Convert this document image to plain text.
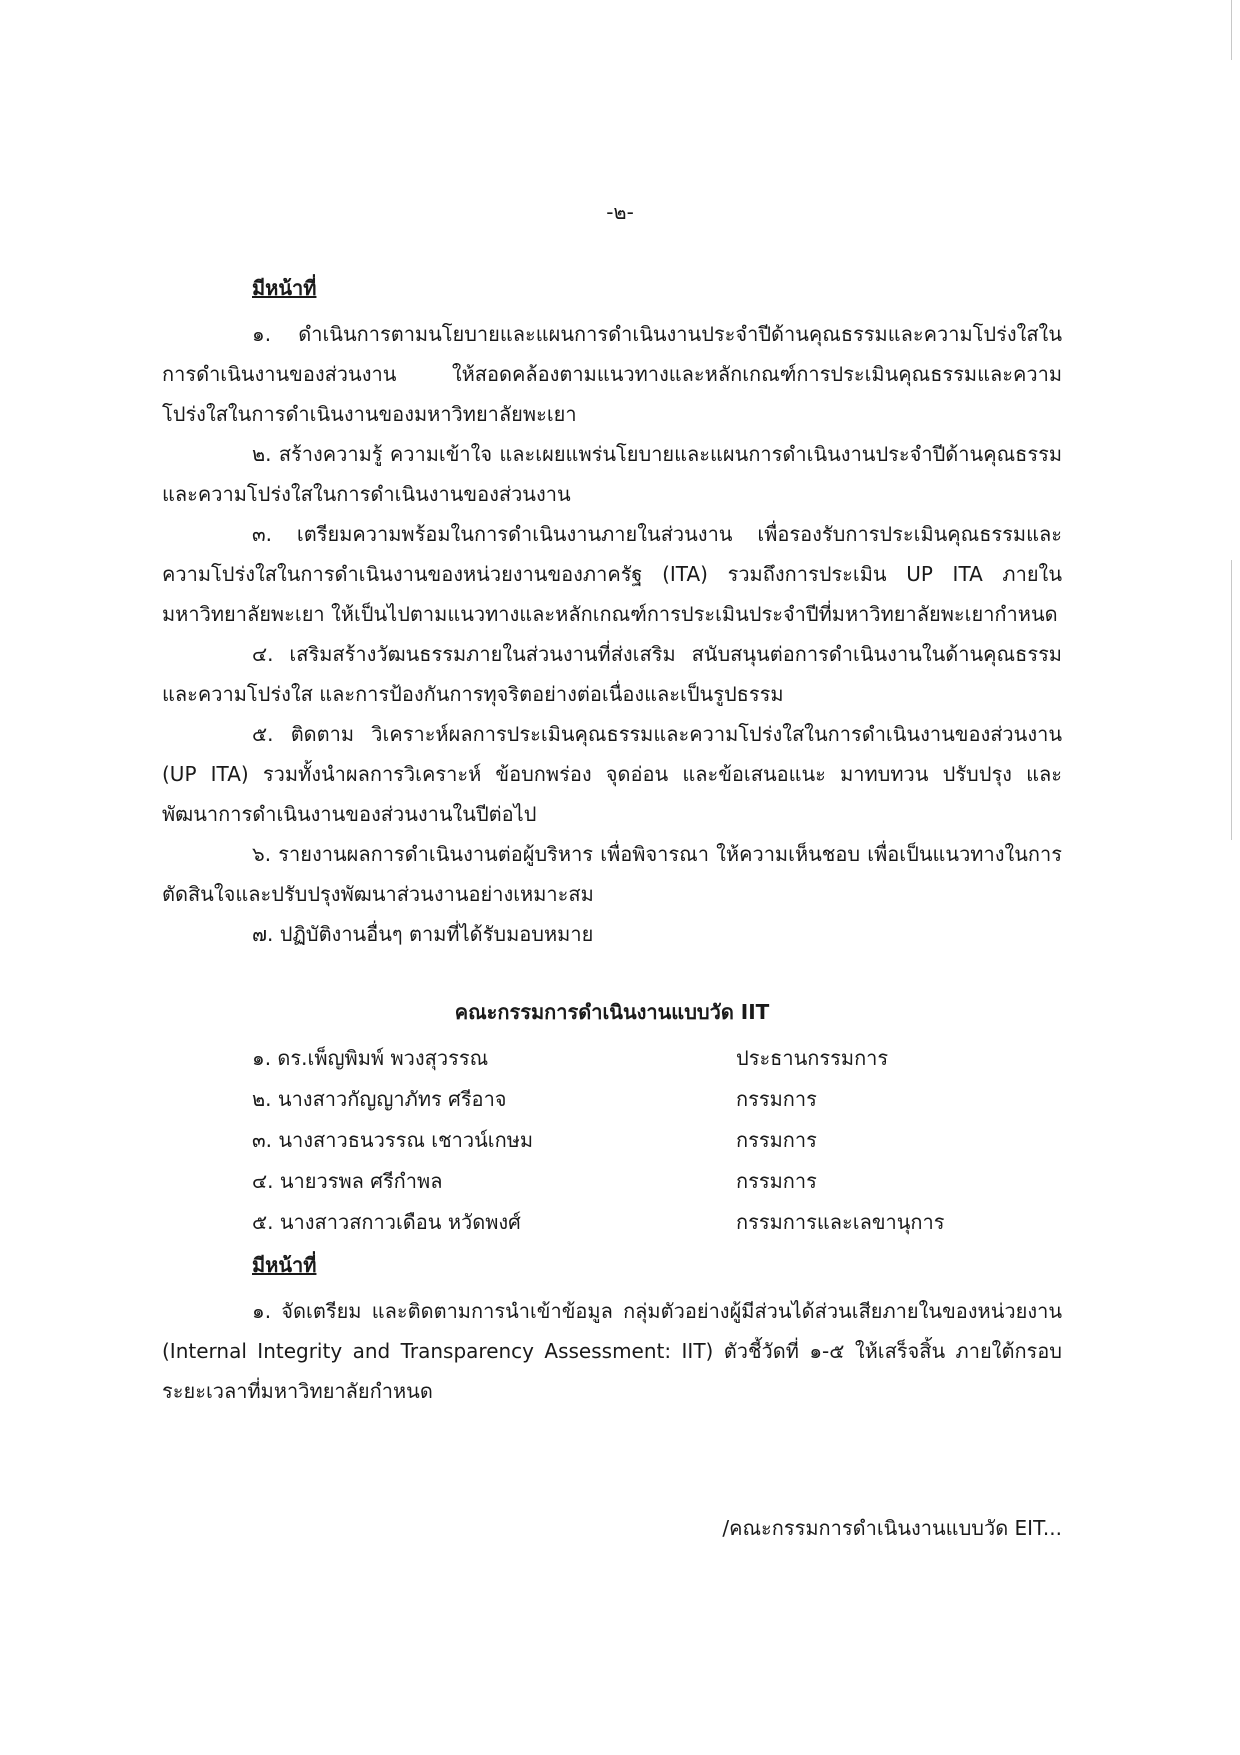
-๒-
มีหน้าที่

๑. ดำเนินการตามนโยบายและแผนการดำเนินงานประจำปีด้านคุณธรรมและความโปร่งใสในการดำเนินงานของส่วนงาน ให้สอดคล้องตามแนวทางและหลักเกณฑ์การประเมินคุณธรรมและความโปร่งใสในการดำเนินงานของมหาวิทยาลัยพะเยา

๒. สร้างความรู้ ความเข้าใจ และเผยแพร่นโยบายและแผนการดำเนินงานประจำปีด้านคุณธรรมและความโปร่งใสในการดำเนินงานของส่วนงาน

๓. เตรียมความพร้อมในการดำเนินงานภายในส่วนงาน เพื่อรองรับการประเมินคุณธรรมและความโปร่งใสในการดำเนินงานของหน่วยงานของภาครัฐ (ITA) รวมถึงการประเมิน UP ITA ภายในมหาวิทยาลัยพะเยา ให้เป็นไปตามแนวทางและหลักเกณฑ์การประเมินประจำปีที่มหาวิทยาลัยพะเยากำหนด

๔. เสริมสร้างวัฒนธรรมภายในส่วนงานที่ส่งเสริม สนับสนุนต่อการดำเนินงานในด้านคุณธรรมและความโปร่งใส และการป้องกันการทุจริตอย่างต่อเนื่องและเป็นรูปธรรม

๕. ติดตาม วิเคราะห์ผลการประเมินคุณธรรมและความโปร่งใสในการดำเนินงานของส่วนงาน (UP ITA) รวมทั้งนำผลการวิเคราะห์ ข้อบกพร่อง จุดอ่อน และข้อเสนอแนะ มาทบทวน ปรับปรุง และพัฒนาการดำเนินงานของส่วนงานในปีต่อไป

๖. รายงานผลการดำเนินงานต่อผู้บริหาร เพื่อพิจารณา ให้ความเห็นชอบ เพื่อเป็นแนวทางในการตัดสินใจและปรับปรุงพัฒนาส่วนงานอย่างเหมาะสม

๗. ปฏิบัติงานอื่นๆ ตามที่ได้รับมอบหมาย

คณะกรรมการดำเนินงานแบบวัด IIT
๑. ดร.เพ็ญพิมพ์ พวงสุวรรณ	ประธานกรรมการ
๒. นางสาวกัญญาภัทร ศรีอาจ	กรรมการ
๓. นางสาวธนวรรณ เชาวน์เกษม	กรรมการ
๔. นายวรพล ศรีกำพล	กรรมการ
๕. นางสาวสกาวเดือน หวัดพงศ์	กรรมการและเลขานุการ
มีหน้าที่

๑. จัดเตรียม และติดตามการนำเข้าข้อมูล กลุ่มตัวอย่างผู้มีส่วนได้ส่วนเสียภายในของหน่วยงาน (Internal Integrity and Transparency Assessment: IIT) ตัวชี้วัดที่ ๑-๕ ให้เสร็จสิ้น ภายใต้กรอบระยะเวลาที่มหาวิทยาลัยกำหนด

/คณะกรรมการดำเนินงานแบบวัด EIT...
